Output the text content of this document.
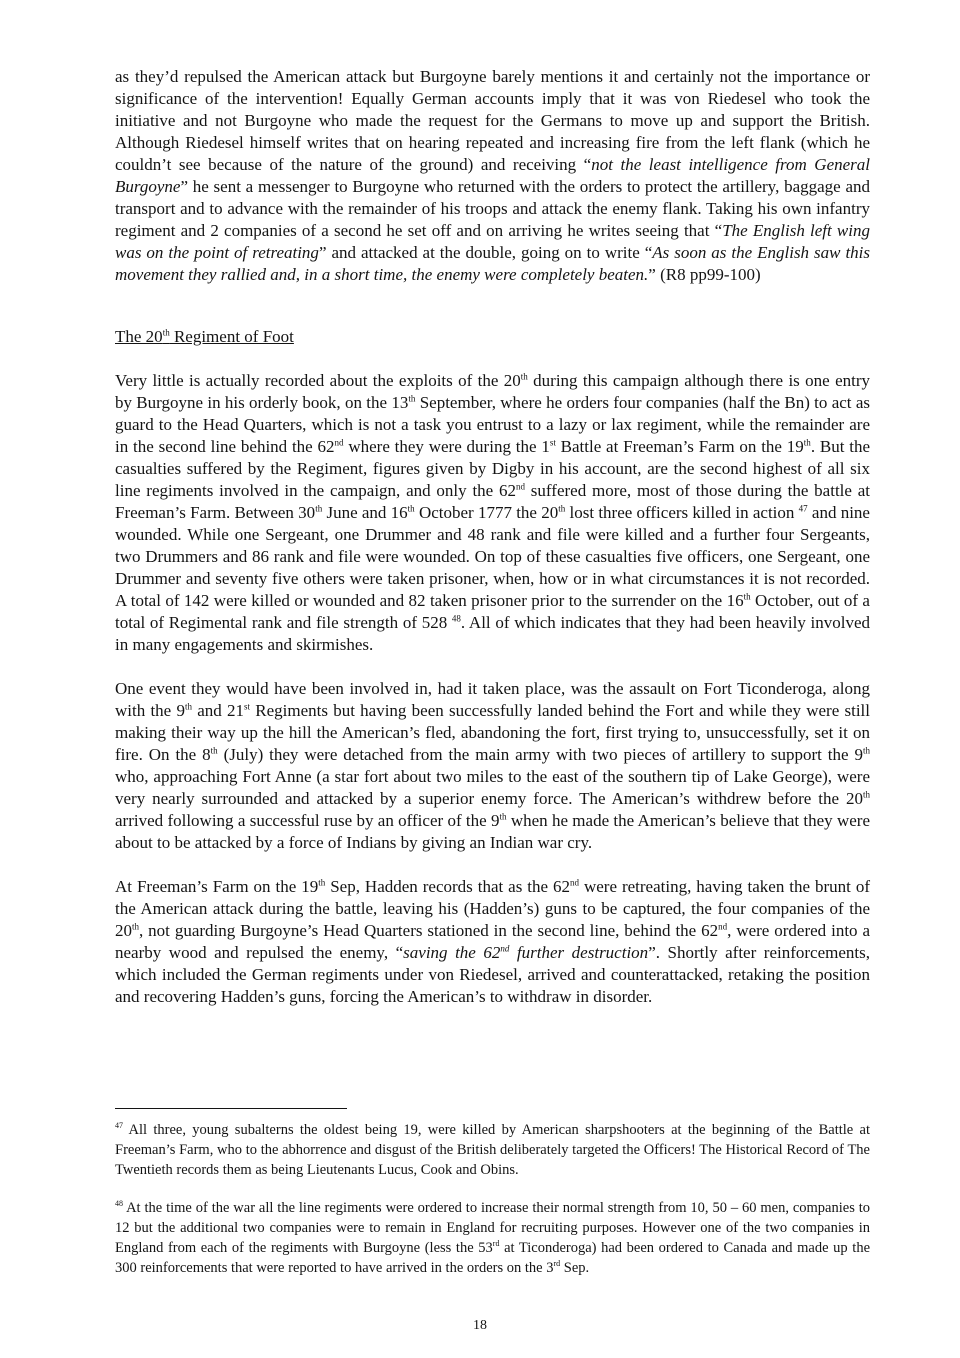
as they’d repulsed the American attack but Burgoyne barely mentions it and certainly not the importance or significance of the intervention! Equally German accounts imply that it was von Riedesel who took the initiative and not Burgoyne who made the request for the Germans to move up and support the British. Although Riedesel himself writes that on hearing repeated and increasing fire from the left flank (which he couldn’t see because of the nature of the ground) and receiving “not the least intelligence from General Burgoyne” he sent a messenger to Burgoyne who returned with the orders to protect the artillery, baggage and transport and to advance with the remainder of his troops and attack the enemy flank. Taking his own infantry regiment and 2 companies of a second he set off and on arriving he writes seeing that “The English left wing was on the point of retreating” and attacked at the double, going on to write “As soon as the English saw this movement they rallied and, in a short time, the enemy were completely beaten.” (R8 pp99-100)

The 20th Regiment of Foot

Very little is actually recorded about the exploits of the 20th during this campaign although there is one entry by Burgoyne in his orderly book, on the 13th September, where he orders four companies (half the Bn) to act as guard to the Head Quarters, which is not a task you entrust to a lazy or lax regiment, while the remainder are in the second line behind the 62nd where they were during the 1st Battle at Freeman’s Farm on the 19th. But the casualties suffered by the Regiment, figures given by Digby in his account, are the second highest of all six line regiments involved in the campaign, and only the 62nd suffered more, most of those during the battle at Freeman’s Farm. Between 30th June and 16th October 1777 the 20th lost three officers killed in action $^{47}$ and nine wounded. While one Sergeant, one Drummer and 48 rank and file were killed and a further four Sergeants, two Drummers and 86 rank and file were wounded. On top of these casualties five officers, one Sergeant, one Drummer and seventy five others were taken prisoner, when, how or in what circumstances it is not recorded. A total of 142 were killed or wounded and 82 taken prisoner prior to the surrender on the 16th October, out of a total of Regimental rank and file strength of 528 $^{48}$. All of which indicates that they had been heavily involved in many engagements and skirmishes.

One event they would have been involved in, had it taken place, was the assault on Fort Ticonderoga, along with the 9th and 21st Regiments but having been successfully landed behind the Fort and while they were still making their way up the hill the American’s fled, abandoning the fort, first trying to, unsuccessfully, set it on fire. On the 8th (July) they were detached from the main army with two pieces of artillery to support the 9th who, approaching Fort Anne (a star fort about two miles to the east of the southern tip of Lake George), were very nearly surrounded and attacked by a superior enemy force. The American’s withdrew before the 20th arrived following a successful ruse by an officer of the 9th when he made the American’s believe that they were about to be attacked by a force of Indians by giving an Indian war cry.

At Freeman’s Farm on the 19th Sep, Hadden records that as the 62nd were retreating, having taken the brunt of the American attack during the battle, leaving his (Hadden’s) guns to be captured, the four companies of the 20th, not guarding Burgoyne’s Head Quarters stationed in the second line, behind the 62nd, were ordered into a nearby wood and repulsed the enemy, “saving the 62nd further destruction”. Shortly after reinforcements, which included the German regiments under von Riedesel, arrived and counterattacked, retaking the position and recovering Hadden’s guns, forcing the American’s to withdraw in disorder.

$^{47}$ All three, young subalterns the oldest being 19, were killed by American sharpshooters at the beginning of the Battle at Freeman’s Farm, who to the abhorrence and disgust of the British deliberately targeted the Officers! The Historical Record of The Twentieth records them as being Lieutenants Lucus, Cook and Obins.

$^{48}$ At the time of the war all the line regiments were ordered to increase their normal strength from 10, 50 – 60 men, companies to 12 but the additional two companies were to remain in England for recruiting purposes. However one of the two companies in England from each of the regiments with Burgoyne (less the 53rd at Ticonderoga) had been ordered to Canada and made up the 300 reinforcements that were reported to have arrived in the orders on the 3rd Sep.

18
